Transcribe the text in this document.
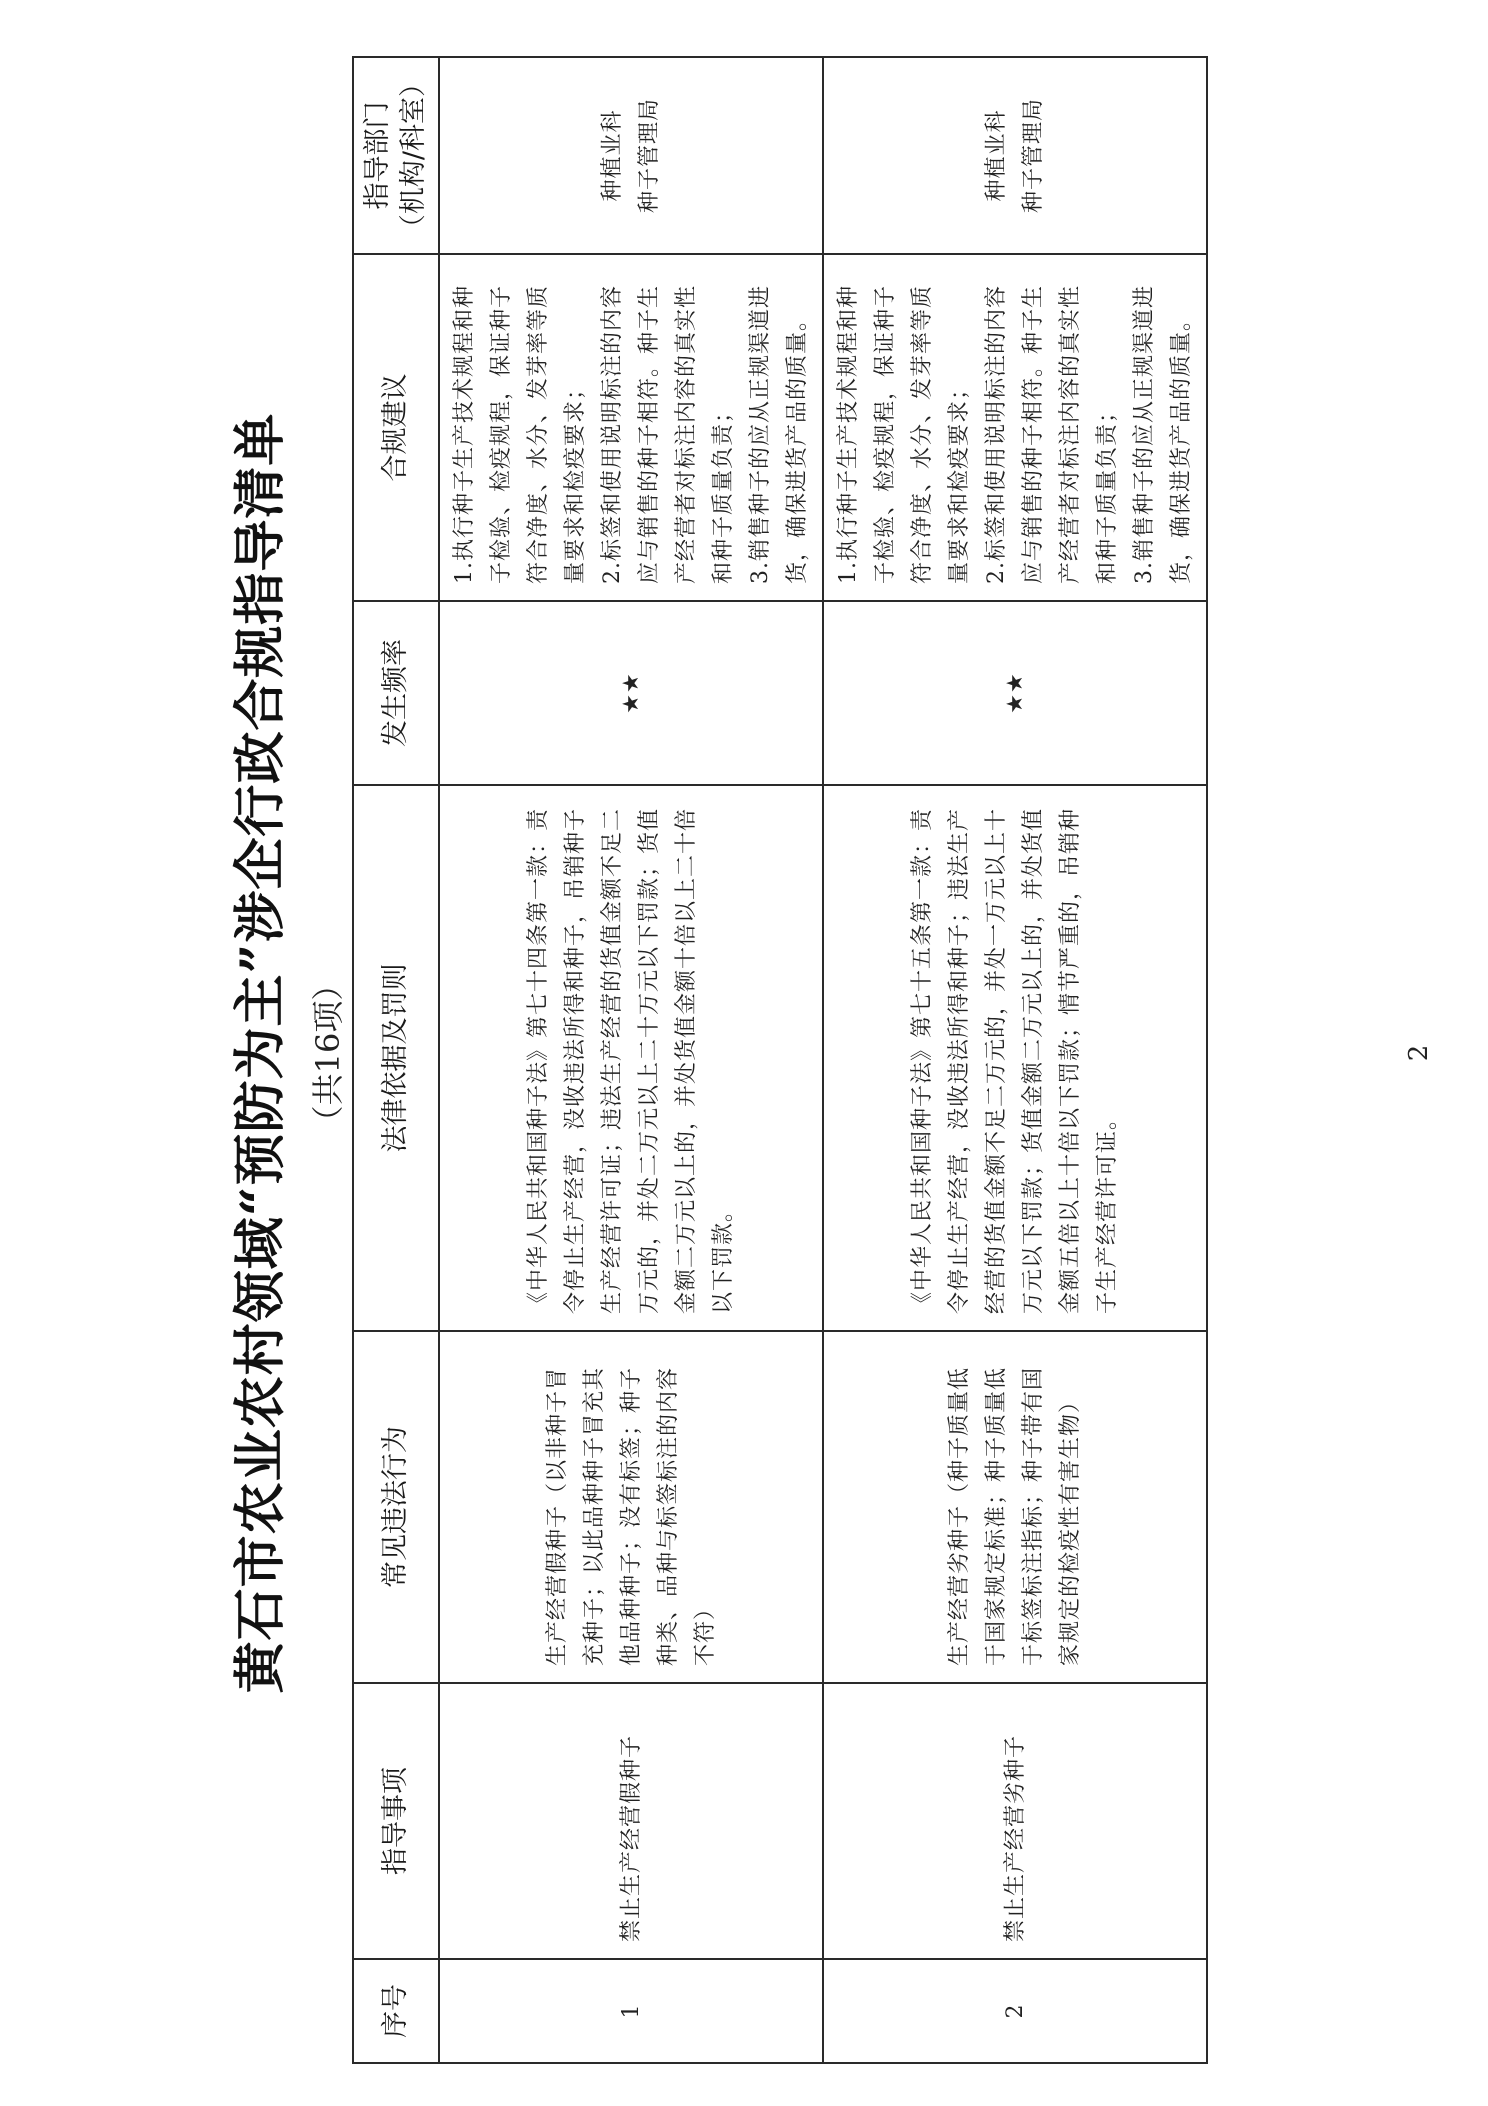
黄石市农业农村领域“预防为主”涉企行政合规指导清单 （共16项）
序号	指导事项	常见违法行为	法律依据及罚则	发生频率	合规建议	指导部门 （机构/科室）

1	禁止生产经营假种子	生产经营假种子（以非种子冒充种子；以此品种种子冒充其他品种种子；没有标签；种子种类、品种与标签标注的内容不符）	《中华人民共和国种子法》第七十四条第一款：责令停止生产经营，没收违法所得和种子，吊销种子生产经营许可证；违法生产经营的货值金额不足二万元的，并处二万元以上二十万元以下罚款；货值金额二万元以上的，并处货值金额十倍以上二十倍以下罚款。	★★	1.执行种子生产技术规程和种子检验、检疫规程，保证种子符合净度、水分、发芽率等质量要求和检疫要求； 2.标签和使用说明标注的内容应与销售的种子相符。种子生产经营者对标注内容的真实性和种子质量负责； 3.销售种子的应从正规渠道进货，确保进货产品的质量。	种植业科 种子管理局

2	禁止生产经营劣种子	生产经营劣种子（种子质量低于国家规定标准；种子质量低于标签标注指标；种子带有国家规定的检疫性有害生物）	《中华人民共和国种子法》第七十五条第一款：责令停止生产经营，没收违法所得和种子；违法生产经营的货值金额不足二万元的，并处一万元以上十万元以下罚款；货值金额二万元以上的，并处货值金额五倍以上十倍以下罚款；情节严重的，吊销种子生产经营许可证。	★★	1.执行种子生产技术规程和种子检验、检疫规程，保证种子符合净度、水分、发芽率等质量要求和检疫要求； 2.标签和使用说明标注的内容应与销售的种子相符。种子生产经营者对标注内容的真实性和种子质量负责； 3.销售种子的应从正规渠道进货，确保进货产品的质量。	种植业科 种子管理局
2
